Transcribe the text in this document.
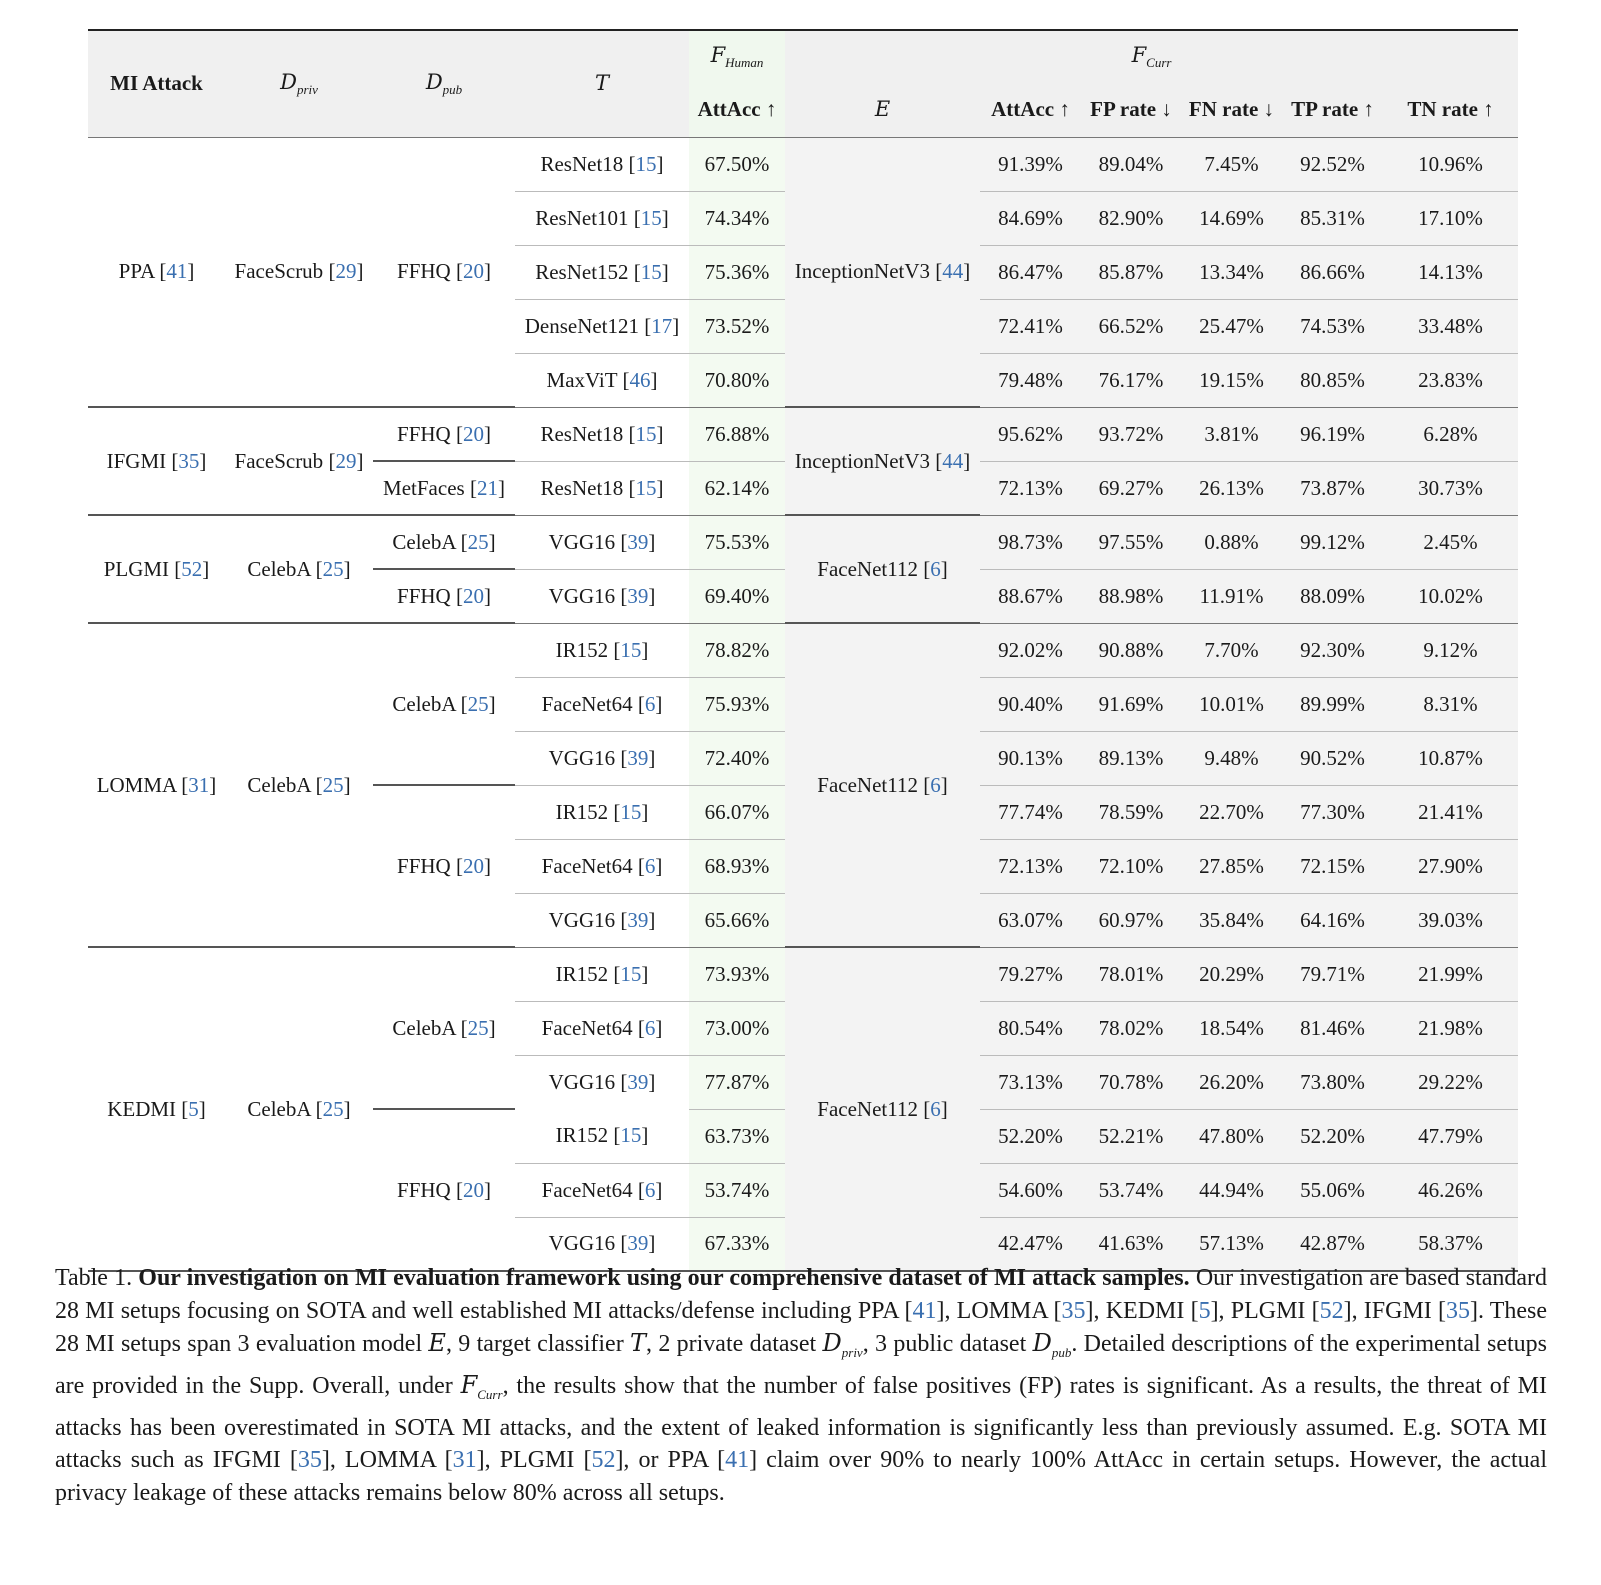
MI Attack	$D_{priv}$	$D_{pub}$	T	$F_{Human}$	$F_{Curr}$
				AttAcc ↑	E	AttAcc ↑	FP rate ↓	FN rate ↓	TP rate ↑	TN rate ↑
PPA [41]	FaceScrub [29]	FFHQ [20]	ResNet18 [15]	67.50%	InceptionNetV3 [44]	91.39%	89.04%	7.45%	92.52%	10.96%
			ResNet101 [15]	74.34%		84.69%	82.90%	14.69%	85.31%	17.10%
			ResNet152 [15]	75.36%		86.47%	85.87%	13.34%	86.66%	14.13%
			DenseNet121 [17]	73.52%		72.41%	66.52%	25.47%	74.53%	33.48%
			MaxViT [46]	70.80%		79.48%	76.17%	19.15%	80.85%	23.83%
IFGMI [35]	FaceScrub [29]	FFHQ [20]	ResNet18 [15]	76.88%	InceptionNetV3 [44]	95.62%	93.72%	3.81%	96.19%	6.28%
		MetFaces [21]	ResNet18 [15]	62.14%		72.13%	69.27%	26.13%	73.87%	30.73%
PLGMI [52]	CelebA [25]	CelebA [25]	VGG16 [39]	75.53%	FaceNet112 [6]	98.73%	97.55%	0.88%	99.12%	2.45%
		FFHQ [20]	VGG16 [39]	69.40%		88.67%	88.98%	11.91%	88.09%	10.02%
LOMMA [31]	CelebA [25]	CelebA [25]	IR152 [15]	78.82%	FaceNet112 [6]	92.02%	90.88%	7.70%	92.30%	9.12%
			FaceNet64 [6]	75.93%		90.40%	91.69%	10.01%	89.99%	8.31%
			VGG16 [39]	72.40%		90.13%	89.13%	9.48%	90.52%	10.87%
		FFHQ [20]	IR152 [15]	66.07%		77.74%	78.59%	22.70%	77.30%	21.41%
			FaceNet64 [6]	68.93%		72.13%	72.10%	27.85%	72.15%	27.90%
			VGG16 [39]	65.66%		63.07%	60.97%	35.84%	64.16%	39.03%
KEDMI [5]	CelebA [25]	CelebA [25]	IR152 [15]	73.93%	FaceNet112 [6]	79.27%	78.01%	20.29%	79.71%	21.99%
			FaceNet64 [6]	73.00%		80.54%	78.02%	18.54%	81.46%	21.98%
			VGG16 [39]	77.87%		73.13%	70.78%	26.20%	73.80%	29.22%
		FFHQ [20]	IR152 [15]	63.73%		52.20%	52.21%	47.80%	52.20%	47.79%
			FaceNet64 [6]	53.74%		54.60%	53.74%	44.94%	55.06%	46.26%
			VGG16 [39]	67.33%		42.47%	41.63%	57.13%	42.87%	58.37%
Table 1. Our investigation on MI evaluation framework using our comprehensive dataset of MI attack samples. Our investigation are based standard 28 MI setups focusing on SOTA and well established MI attacks/defense including PPA [41], LOMMA [35], KEDMI [5], PLGMI [52], IFGMI [35]. These 28 MI setups span 3 evaluation model E, 9 target classifier T, 2 private dataset $D_{priv}$, 3 public dataset $D_{pub}$. Detailed descriptions of the experimental setups are provided in the Supp. Overall, under $F_{Curr}$, the results show that the number of false positives (FP) rates is significant. As a results, the threat of MI attacks has been overestimated in SOTA MI attacks, and the extent of leaked information is significantly less than previously assumed. E.g. SOTA MI attacks such as IFGMI [35], LOMMA [31], PLGMI [52], or PPA [41] claim over 90% to nearly 100% AttAcc in certain setups. However, the actual privacy leakage of these attacks remains below 80% across all setups.
